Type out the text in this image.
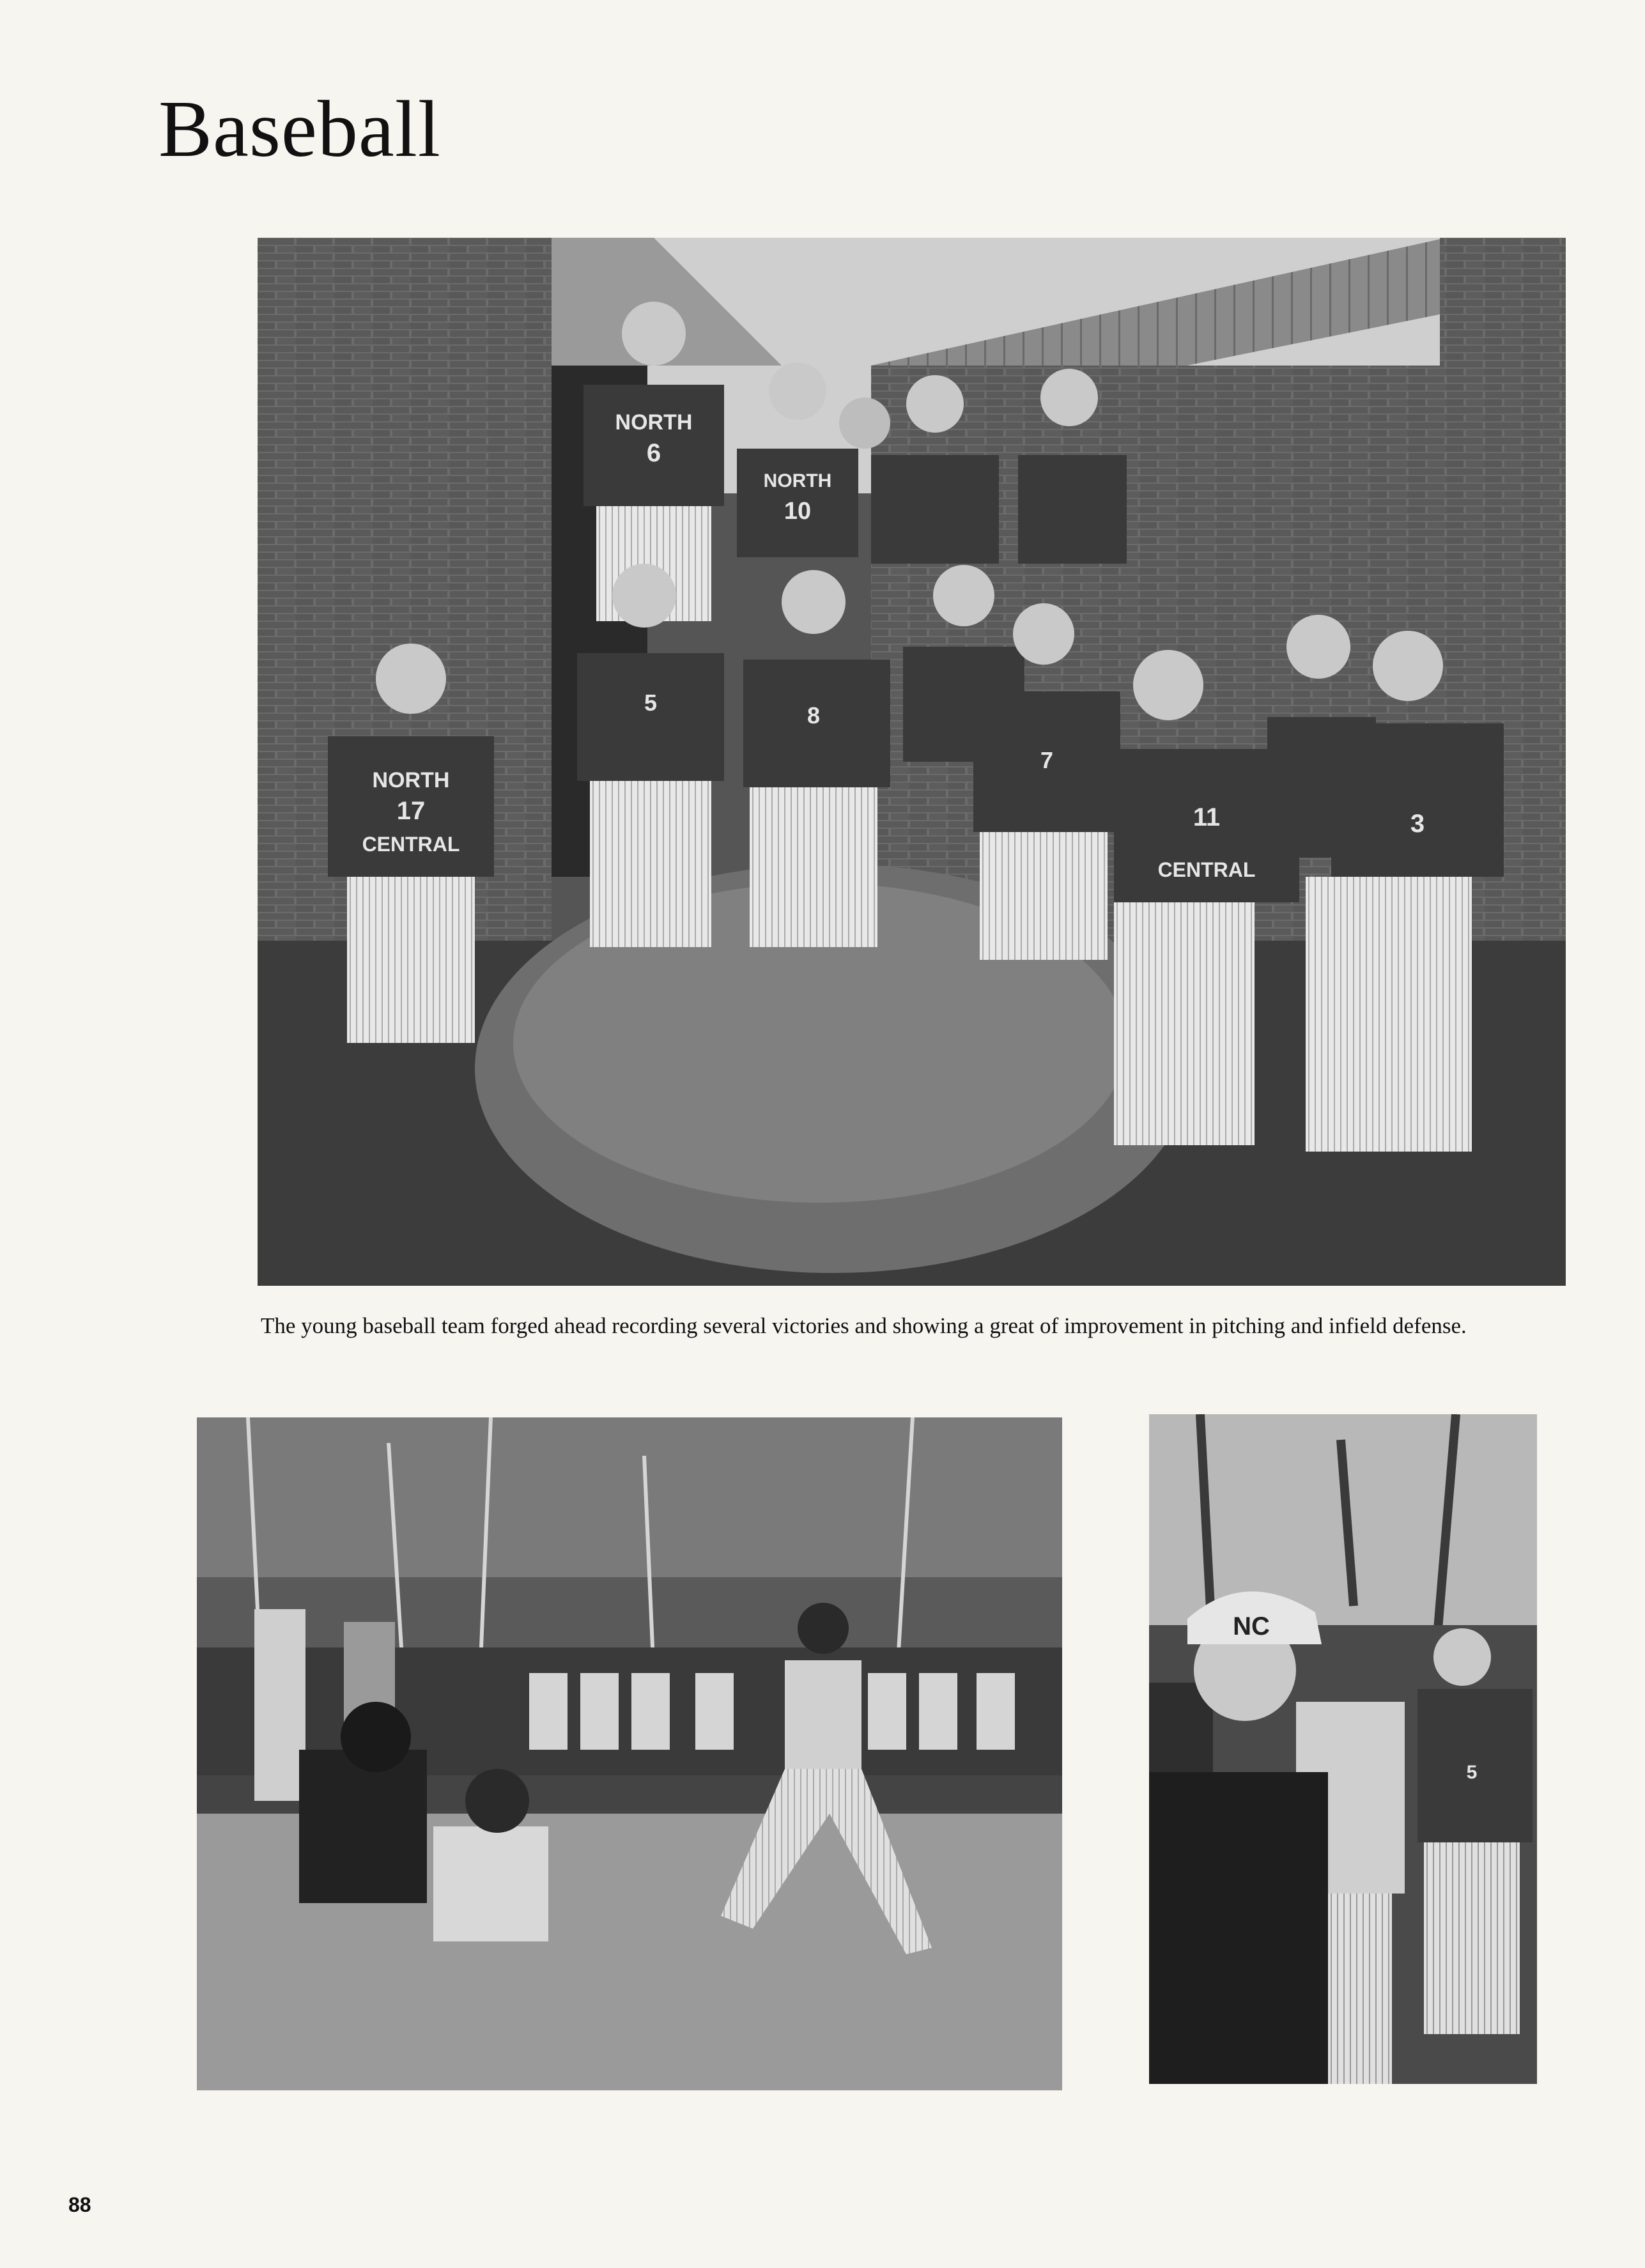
Baseball
NORTH
6
NORTH
10
NORTH
17
CENTRAL
5	8
7
11
CENTRAL
3

The young baseball team forged ahead recording several victories and showing a great of improvement in pitching and infield defense.

5
NC
88
